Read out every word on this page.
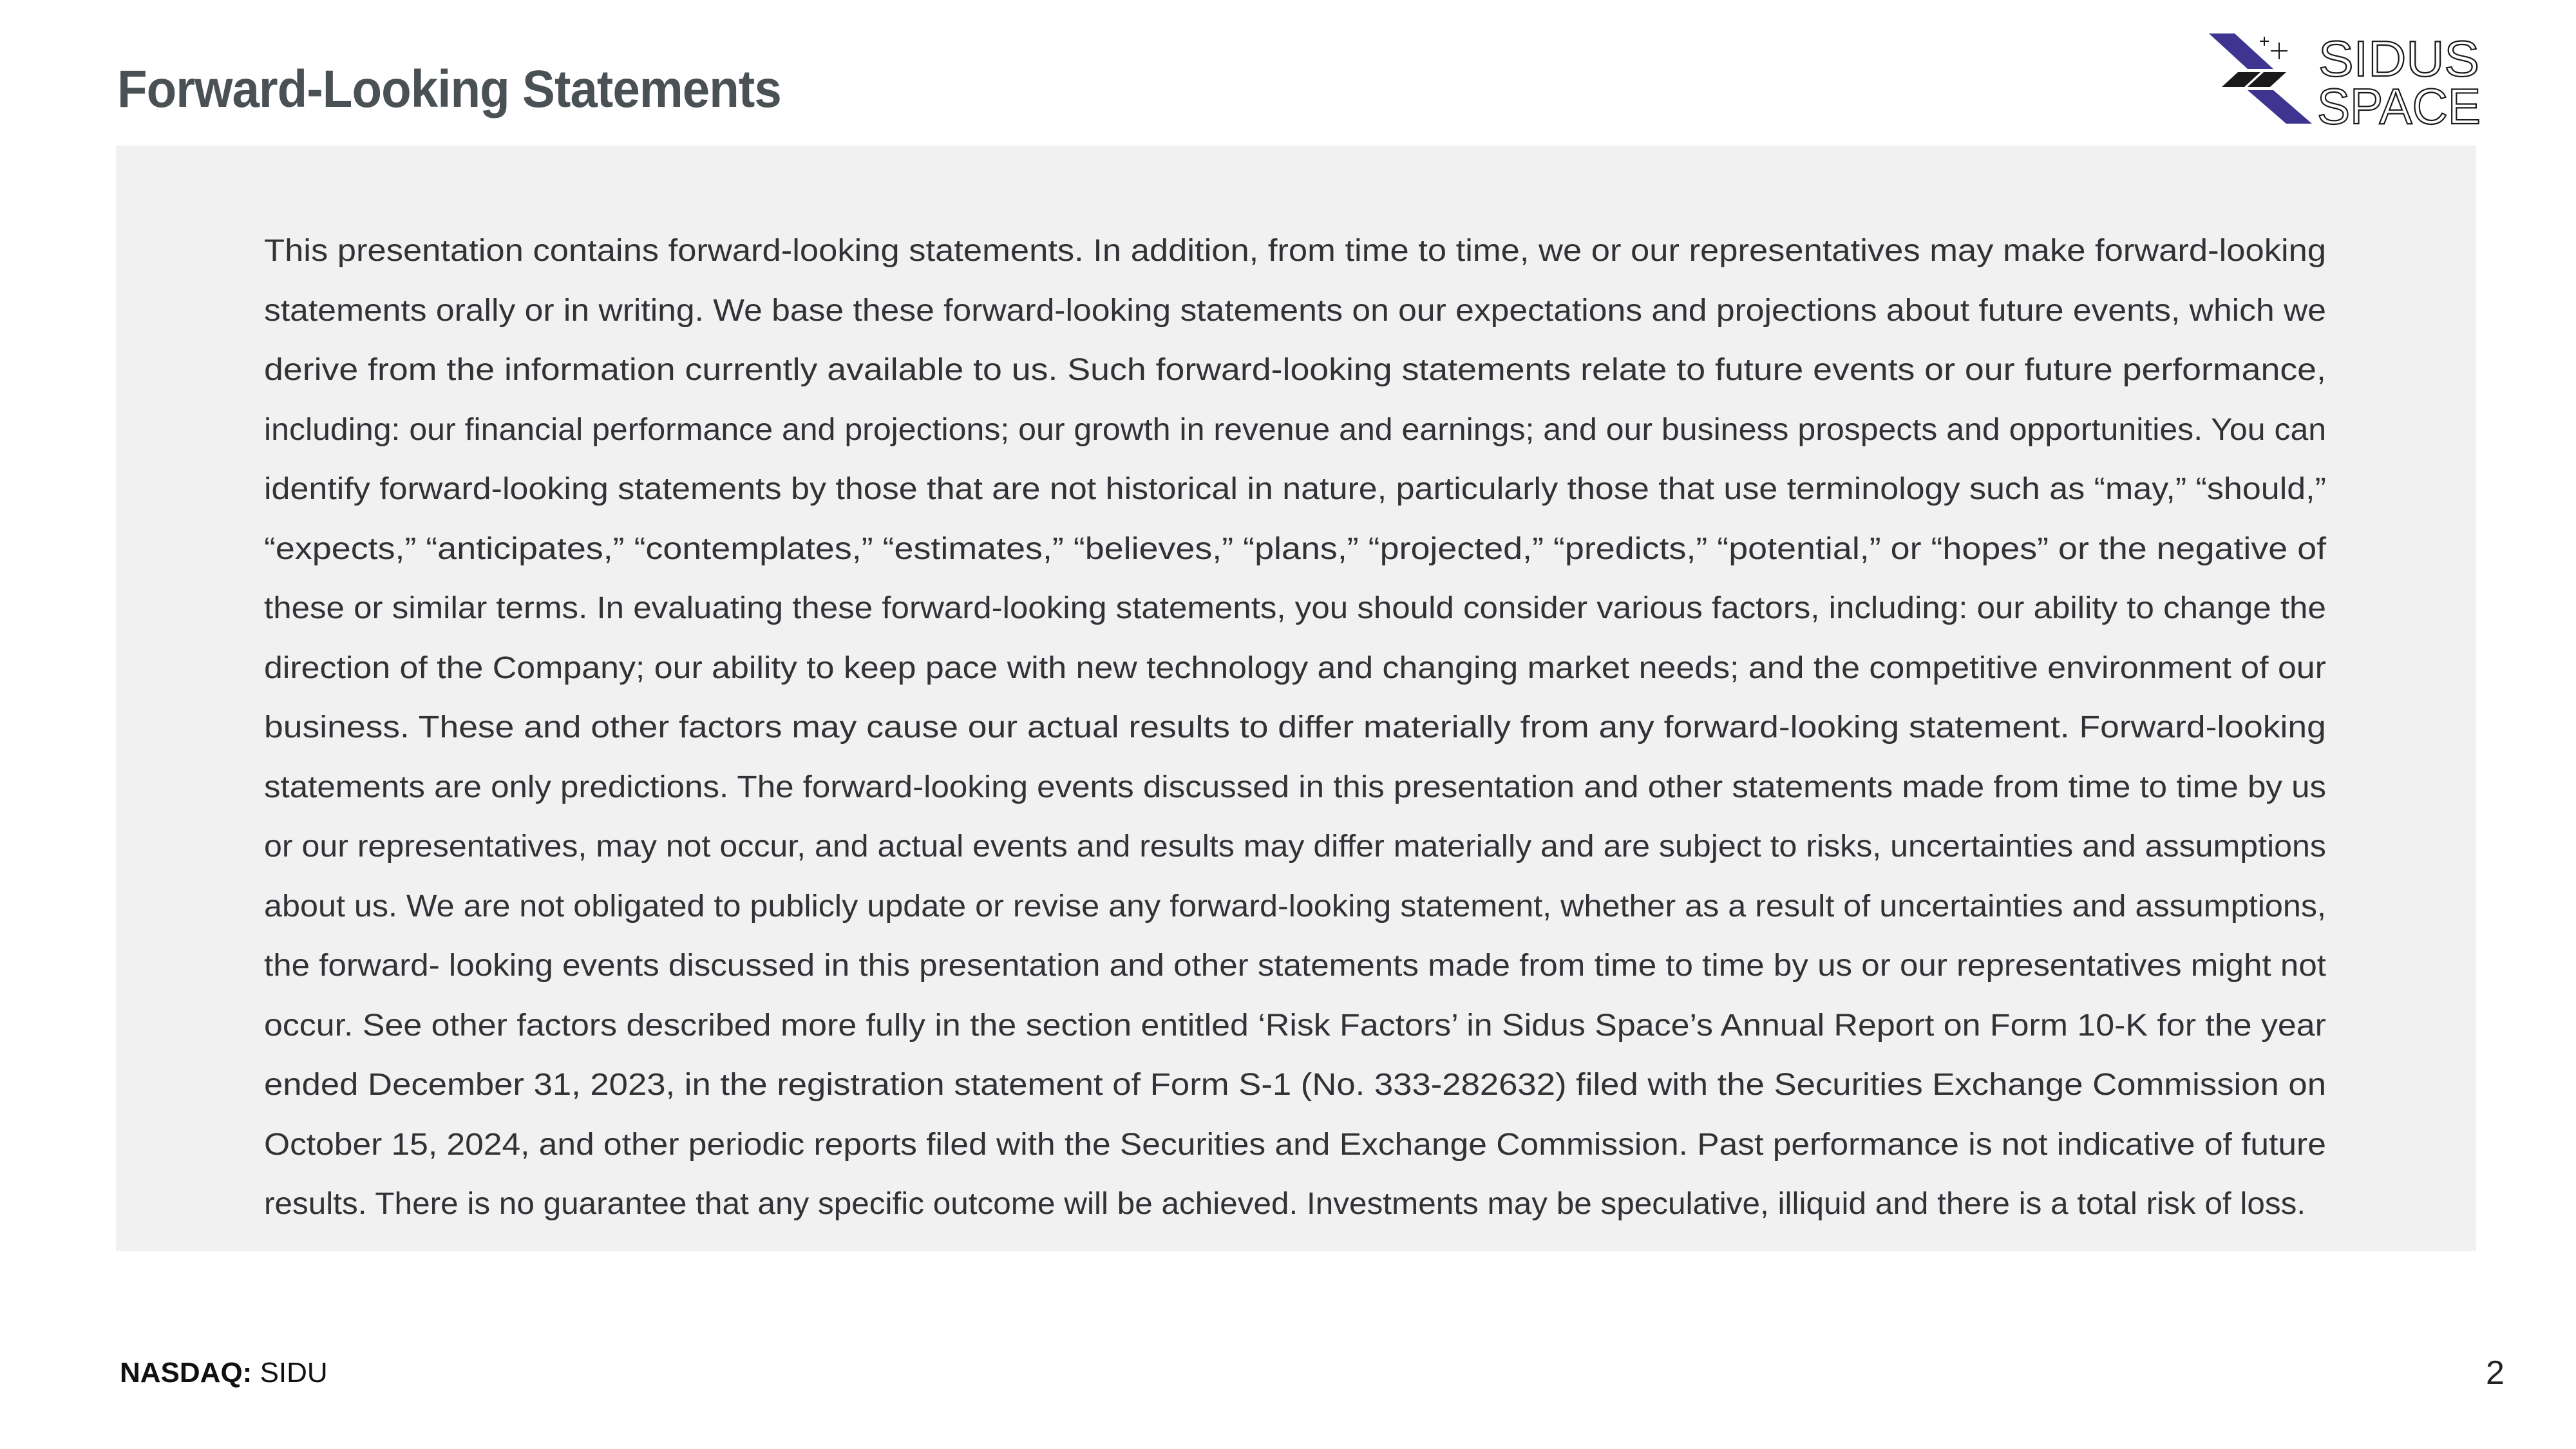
Forward-Looking Statements
SIDUS
SPACE
This presentation contains forward-looking statements. In addition, from time to time, we or our representatives may make forward-looking
statements orally or in writing. We base these forward-looking statements on our expectations and projections about future events, which we
derive from the information currently available to us. Such forward-looking statements relate to future events or our future performance,
including: our financial performance and projections; our growth in revenue and earnings; and our business prospects and opportunities. You can
identify forward-looking statements by those that are not historical in nature, particularly those that use terminology such as “may,” “should,”
“expects,” “anticipates,” “contemplates,” “estimates,” “believes,” “plans,” “projected,” “predicts,” “potential,” or “hopes” or the negative of
these or similar terms. In evaluating these forward-looking statements, you should consider various factors, including: our ability to change the
direction of the Company; our ability to keep pace with new technology and changing market needs; and the competitive environment of our
business. These and other factors may cause our actual results to differ materially from any forward-looking statement. Forward-looking
statements are only predictions. The forward-looking events discussed in this presentation and other statements made from time to time by us
or our representatives, may not occur, and actual events and results may differ materially and are subject to risks, uncertainties and assumptions
about us. We are not obligated to publicly update or revise any forward-looking statement, whether as a result of uncertainties and assumptions,
the forward- looking events discussed in this presentation and other statements made from time to time by us or our representatives might not
occur. See other factors described more fully in the section entitled ‘Risk Factors’ in Sidus Space’s Annual Report on Form 10-K for the year
ended December 31, 2023, in the registration statement of Form S-1 (No. 333-282632) filed with the Securities Exchange Commission on
October 15, 2024, and other periodic reports filed with the Securities and Exchange Commission. Past performance is not indicative of future
results. There is no guarantee that any specific outcome will be achieved. Investments may be speculative, illiquid and there is a total risk of loss.
NASDAQ: SIDU	2
